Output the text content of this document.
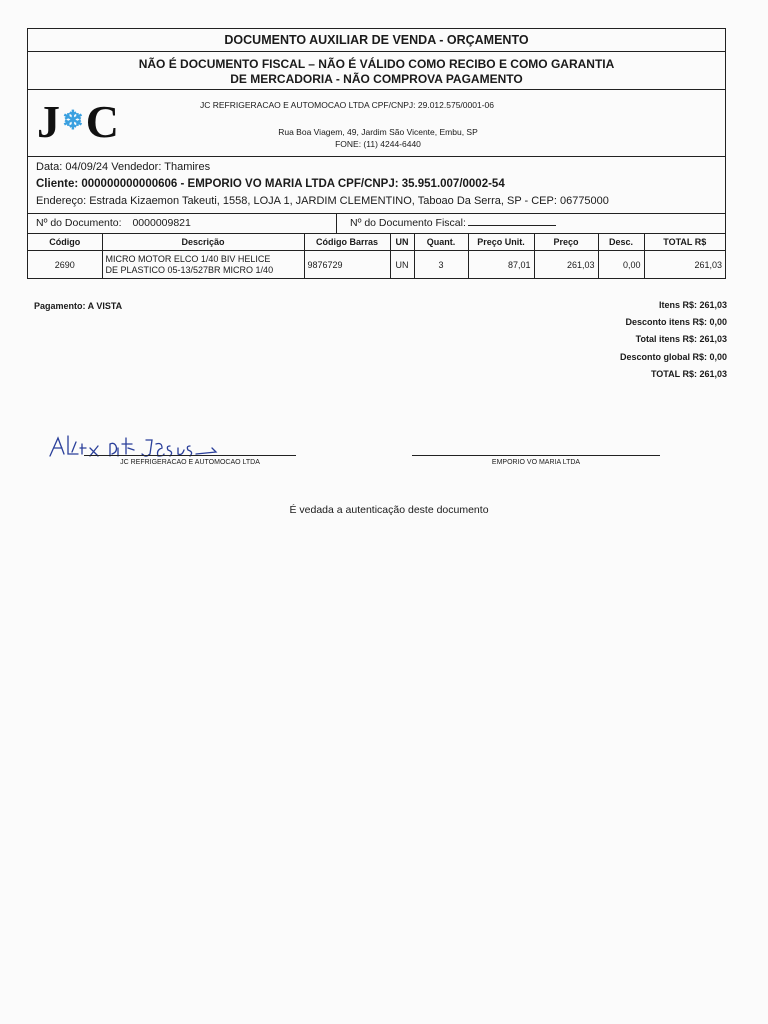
DOCUMENTO AUXILIAR DE VENDA - ORÇAMENTO
NÃO É DOCUMENTO FISCAL – NÃO É VÁLIDO COMO RECIBO E COMO GARANTIA
DE MERCADORIA - NÃO COMPROVA PAGAMENTO
J❄C	JC REFRIGERACAO E AUTOMOCAO LTDA CPF/CNPJ: 29.012.575/0001-06
Rua Boa Viagem, 49, Jardim São Vicente, Embu, SP
FONE: (11) 4244-6440
Data: 04/09/24 Vendedor: Thamires
Cliente: 000000000000606 - EMPORIO VO MARIA LTDA CPF/CNPJ: 35.951.007/0002-54
Endereço: Estrada Kizaemon Takeuti, 1558, LOJA 1, JARDIM CLEMENTINO, Taboao Da Serra, SP - CEP: 06775000
Nº do Documento: 0000009821	Nº do Documento Fiscal:
Código	Descrição	Código Barras	UN	Quant.	Preço Unit.	Preço	Desc.	TOTAL R$
2690	MICRO MOTOR ELCO 1/40 BIV HELICE
DE PLASTICO 05-13/527BR MICRO 1/40	9876729	UN	3	87,01	261,03	0,00	261,03
Pagamento: A VISTA	Itens R$: 261,03
Desconto itens R$: 0,00
Total itens R$: 261,03
Desconto global R$: 0,00
TOTAL R$: 261,03
JC REFRIGERACAO E AUTOMOCAO LTDA	EMPORIO VO MARIA LTDA
É vedada a autenticação deste documento
